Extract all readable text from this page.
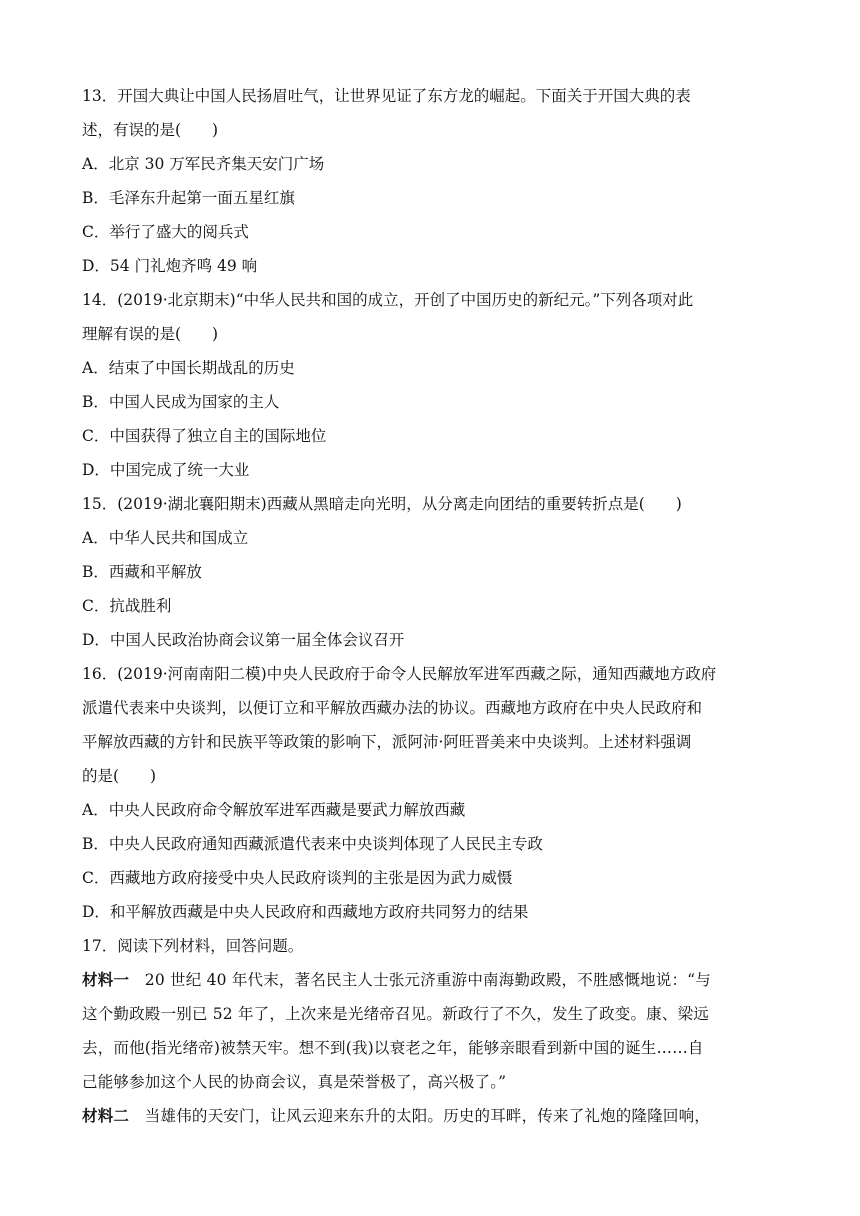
13．开国大典让中国人民扬眉吐气，让世界见证了东方龙的崛起。下面关于开国大典的表
述，有误的是(　　)
A．北京 30 万军民齐集天安门广场
B．毛泽东升起第一面五星红旗
C．举行了盛大的阅兵式
D．54 门礼炮齐鸣 49 响
14．(2019·北京期末)“中华人民共和国的成立，开创了中国历史的新纪元。”下列各项对此
理解有误的是(　　)
A．结束了中国长期战乱的历史
B．中国人民成为国家的主人
C．中国获得了独立自主的国际地位
D．中国完成了统一大业
15．(2019·湖北襄阳期末)西藏从黑暗走向光明，从分离走向团结的重要转折点是(　　)
A．中华人民共和国成立
B．西藏和平解放
C．抗战胜利
D．中国人民政治协商会议第一届全体会议召开
16．(2019·河南南阳二模)中央人民政府于命令人民解放军进军西藏之际，通知西藏地方政府
派遣代表来中央谈判，以便订立和平解放西藏办法的协议。西藏地方政府在中央人民政府和
平解放西藏的方针和民族平等政策的影响下，派阿沛·阿旺晋美来中央谈判。上述材料强调
的是(　　)
A．中央人民政府命令解放军进军西藏是要武力解放西藏
B．中央人民政府通知西藏派遣代表来中央谈判体现了人民民主专政
C．西藏地方政府接受中央人民政府谈判的主张是因为武力威慑
D．和平解放西藏是中央人民政府和西藏地方政府共同努力的结果
17．阅读下列材料，回答问题。
材料一　20 世纪 40 年代末，著名民主人士张元济重游中南海勤政殿，不胜感慨地说：“与
这个勤政殿一别已 52 年了，上次来是光绪帝召见。新政行了不久，发生了政变。康、梁远
去，而他(指光绪帝)被禁天牢。想不到(我)以衰老之年，能够亲眼看到新中国的诞生……自
己能够参加这个人民的协商会议，真是荣誉极了，高兴极了。”
材料二　当雄伟的天安门，让风云迎来东升的太阳。历史的耳畔，传来了礼炮的隆隆回响，
